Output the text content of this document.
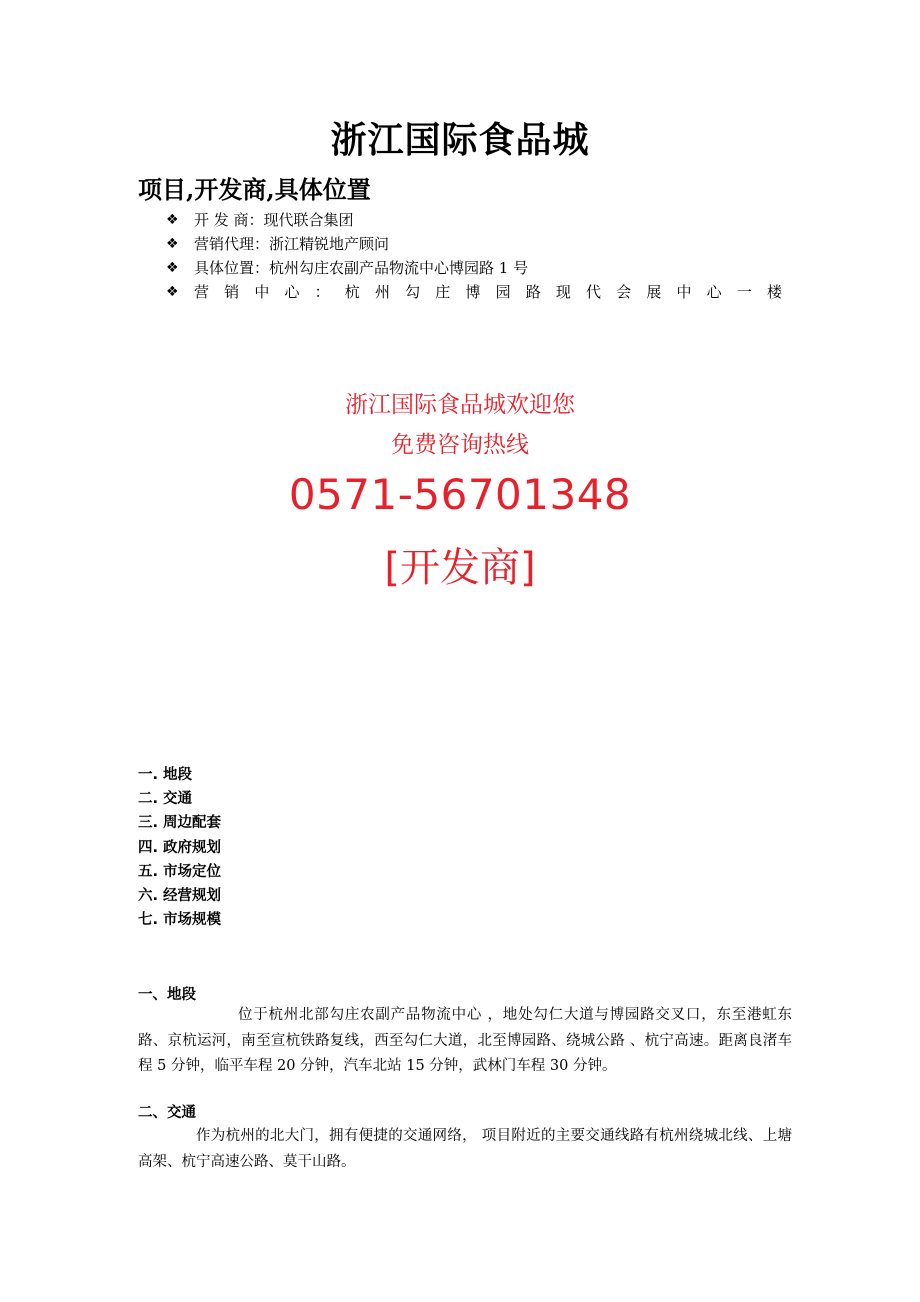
浙江国际食品城
项目,开发商,具体位置
❖	开 发 商： 现代联合集团
❖	营销代理： 浙江精锐地产顾问
❖	具体位置： 杭州勾庄农副产品物流中心博园路 1 号
❖	营 销 中 心 ： 杭 州 勾 庄 博 园 路 现 代 会 展 中 心 一 楼
浙江国际食品城欢迎您
免费咨询热线
0571-56701348
[开发商]
一. 地段
二. 交通
三. 周边配套
四. 政府规划
五. 市场定位
六. 经营规划
七. 市场规模
一、地段
位于杭州北部勾庄农副产品物流中心 ，地处勾仁大道与博园路交叉口，东至港虹东路、京杭运河，南至宣杭铁路复线，西至勾仁大道，北至博园路、绕城公路 、杭宁高速。距离良渚车程 5 分钟，临平车程 20 分钟，汽车北站 15 分钟，武林门车程 30 分钟。
二、交通
作为杭州的北大门，拥有便捷的交通网络， 项目附近的主要交通线路有杭州绕城北线、上塘高架、杭宁高速公路、莫干山路。
